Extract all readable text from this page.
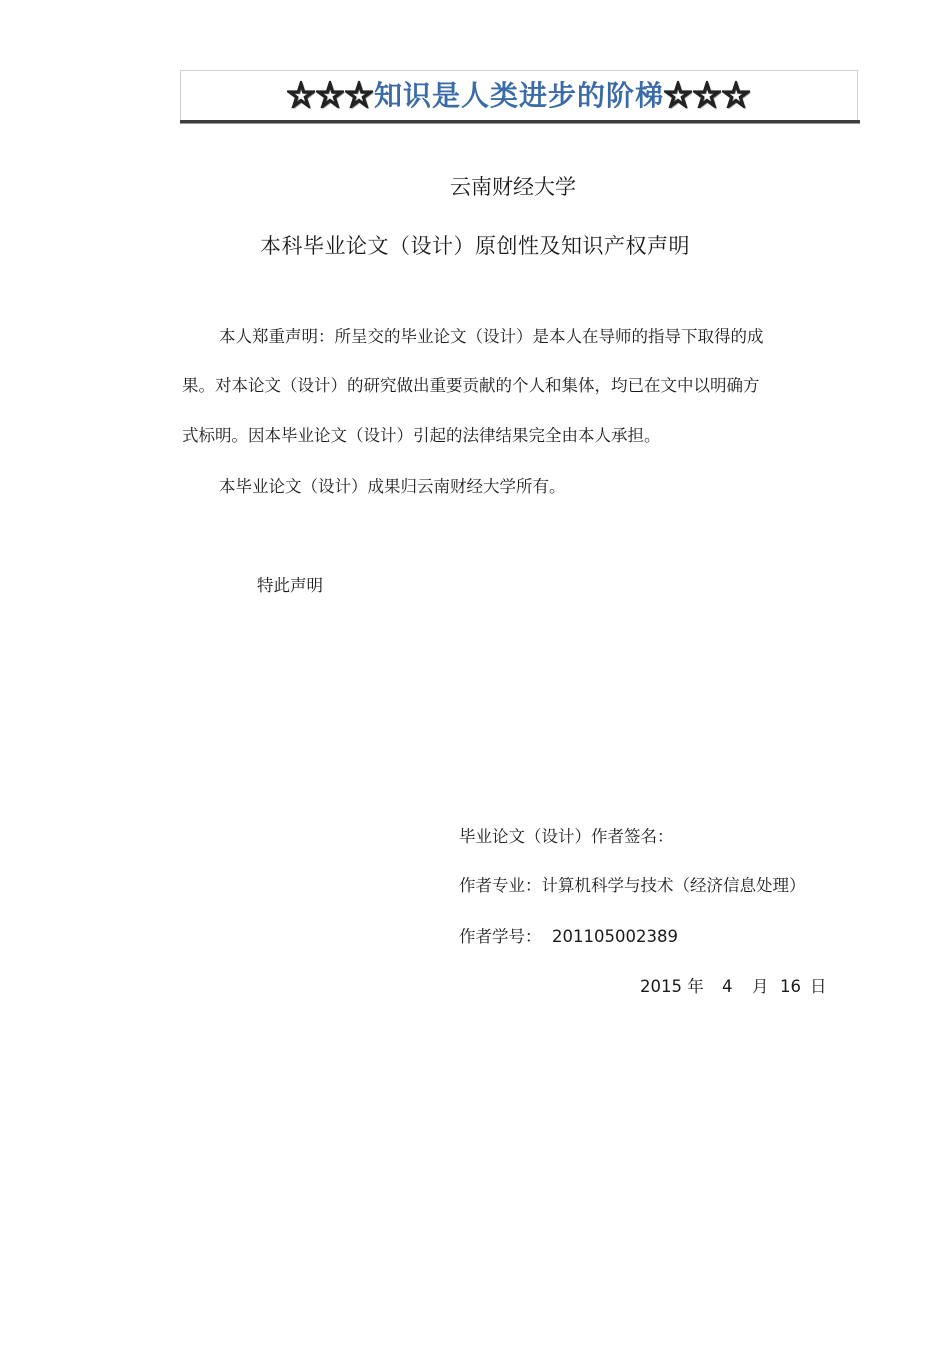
☆☆☆知识是人类进步的阶梯☆☆☆
云南财经大学
本科毕业论文（设计）原创性及知识产权声明
本人郑重声明：所呈交的毕业论文（设计）是本人在导师的指导下取得的成
果。对本论文（设计）的研究做出重要贡献的个人和集体，均已在文中以明确方
式标明。因本毕业论文（设计）引起的法律结果完全由本人承担。
本毕业论文（设计）成果归云南财经大学所有。
特此声明
毕业论文（设计）作者签名：
作者专业：计算机科学与技术（经济信息处理）
作者学号： 201105002389
2015 年 4 月 16 日
